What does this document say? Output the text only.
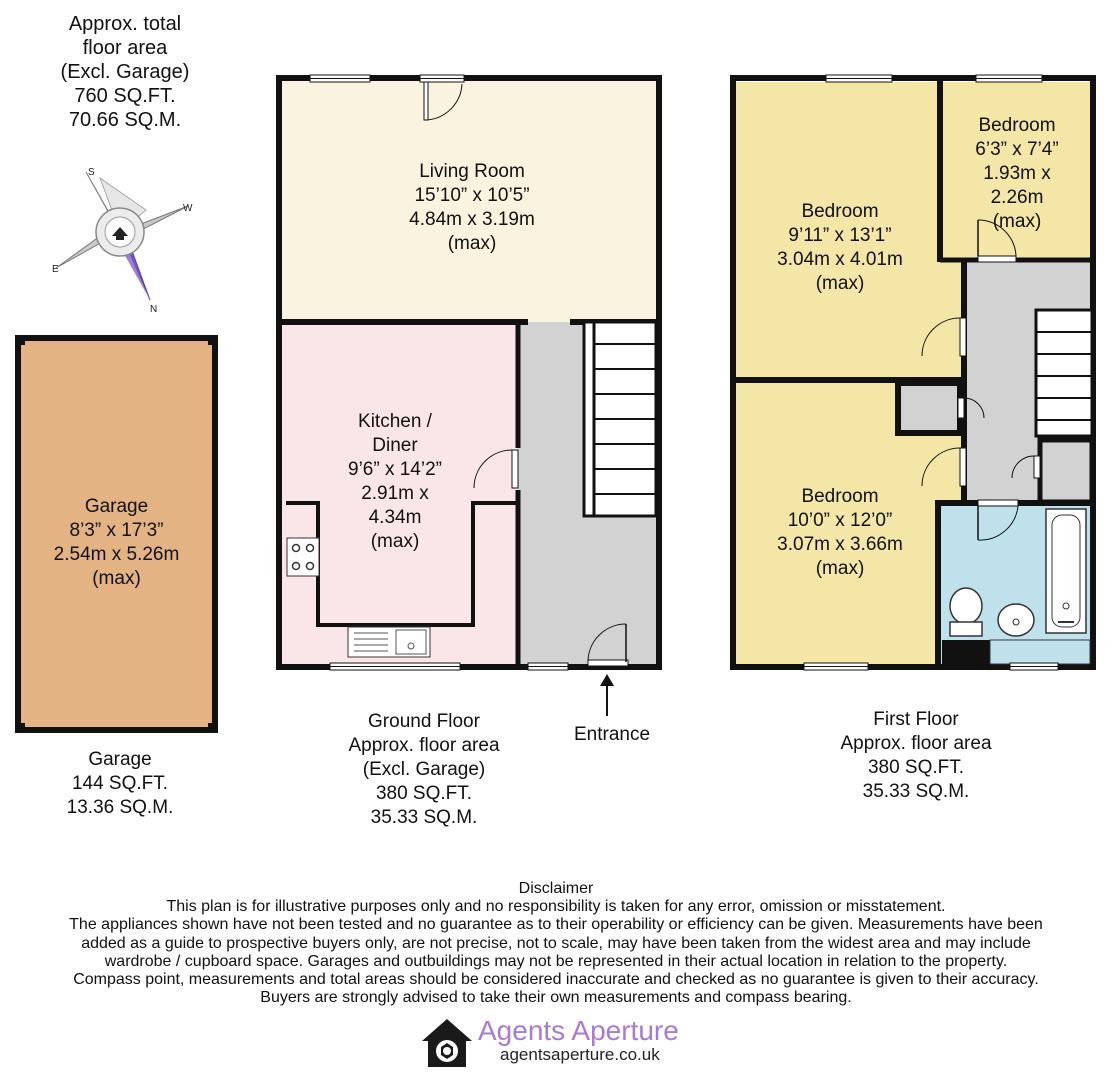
Approx. total
floor area
(Excl. Garage)
760 SQ.FT.
70.66 SQ.M.
S
W
E
N
Living Room
15’10” x 10’5”
4.84m x 3.19m
(max)
Kitchen /
Diner
9’6” x 14’2”
2.91m x
4.34m
(max)
Garage
8’3” x 17’3”
2.54m x 5.26m
(max)
Bedroom
9’11” x 13’1”
3.04m x 4.01m
(max)
Bedroom
6’3” x 7’4”
1.93m x
2.26m
(max)
Bedroom
10’0” x 12’0”
3.07m x 3.66m
(max)
Entrance
Garage
144 SQ.FT.
13.36 SQ.M.
Ground Floor
Approx. floor area
(Excl. Garage)
380 SQ.FT.
35.33 SQ.M.
First Floor
Approx. floor area
380 SQ.FT.
35.33 SQ.M.
Disclaimer
This plan is for illustrative purposes only and no responsibility is taken for any error, omission or misstatement.
The appliances shown have not been tested and no guarantee as to their operability or efficiency can be given. Measurements have been
added as a guide to prospective buyers only, are not precise, not to scale, may have been taken from the widest area and may include
wardrobe / cupboard space. Garages and outbuildings may not be represented in their actual location in relation to the property.
Compass point, measurements and total areas should be considered inaccurate and checked as no guarantee is given to their accuracy.
Buyers are strongly advised to take their own measurements and compass bearing.
Agents Aperture
agentsaperture.co.uk
